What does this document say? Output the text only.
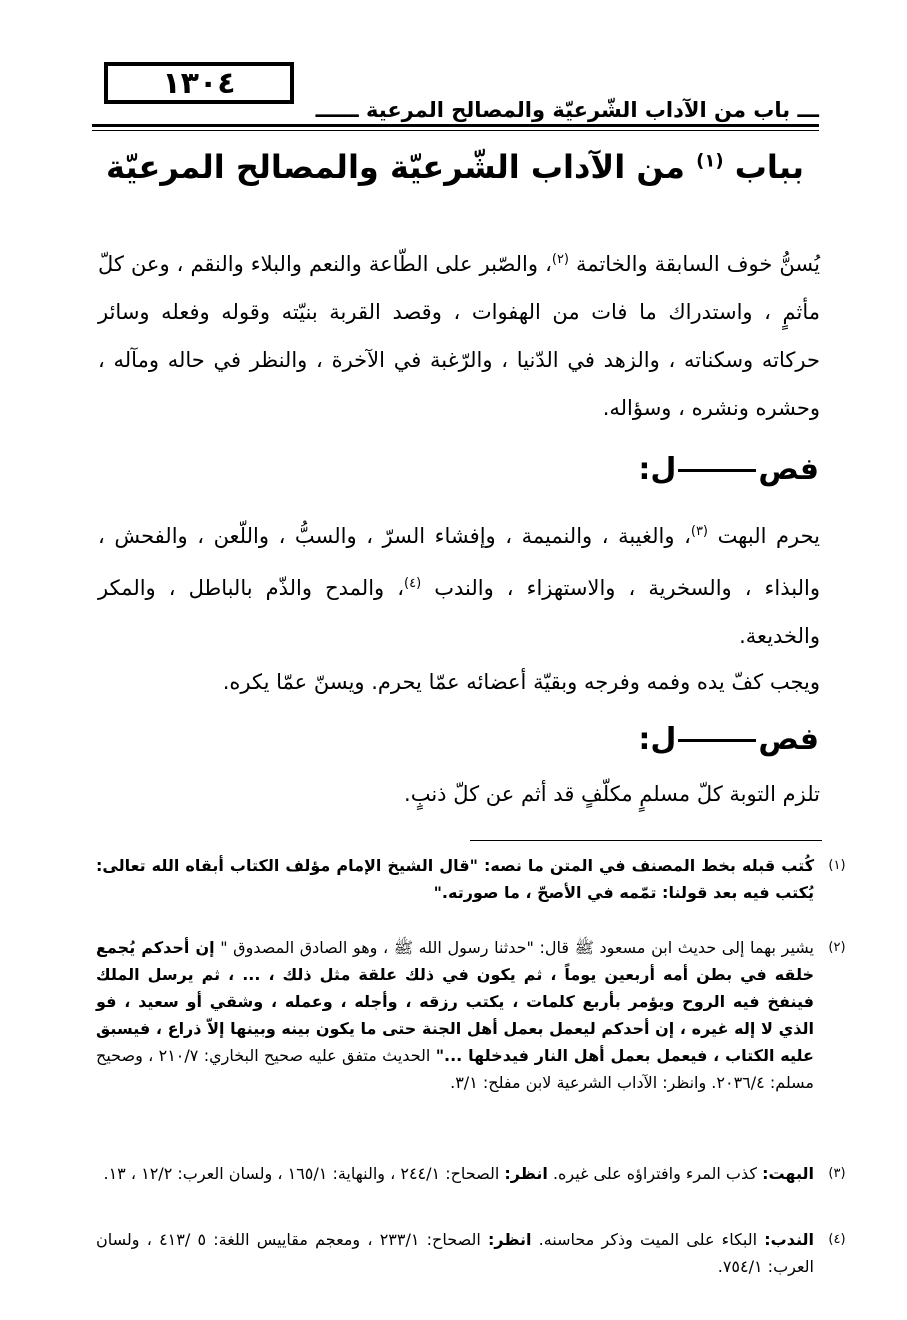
١٣٠٤
ـــ باب من الآداب الشّرعيّة والمصالح المرعية ــــــ
بباب $^{(١)}$ من الآداب الشّرعيّة والمصالح المرعيّة
يُسنُّ خوف السابقة والخاتمة $^{(٢)}$، والصّبر على الطّاعة والنعم والبلاء والنقم ، وعن كلّ مأثمٍ ، واستدراك ما فات من الهفوات ، وقصد القربة بنيّته وقوله وفعله وسائر حركاته وسكناته ، والزهد في الدّنيا ، والرّغبة في الآخرة ، والنظر في حاله ومآله ، وحشره ونشره ، وسؤاله.
فصل:
يحرم البهت $^{(٣)}$، والغيبة ، والنميمة ، وإفشاء السرّ ، والسبُّ ، واللّعن ، والفحش ، والبذاء ، والسخرية ، والاستهزاء ، والندب $^{(٤)}$، والمدح والذّم بالباطل ، والمكر والخديعة.
ويجب كفّ يده وفمه وفرجه وبقيّة أعضائه عمّا يحرم. ويسنّ عمّا يكره.
فصل:
تلزم التوبة كلّ مسلمٍ مكلّفٍ قد أثم عن كلّ ذنبٍ.
(١)
كُتب قبله بخط المصنف في المتن ما نصه: "قال الشيخ الإمام مؤلف الكتاب أبقاه الله تعالى: يُكتب فيه بعد قولنا: تمّمه في الأصحّ ، ما صورته."
(٢)
يشير بهما إلى حديث ابن مسعود ﷺ قال: "حدثنا رسول الله ﷺ ، وهو الصادق المصدوق " إن أحدكم يُجمع خلقه في بطن أمه أربعين يوماً ، ثم يكون في ذلك علقة مثل ذلك ، ... ، ثم يرسل الملك فينفخ فيه الروح ويؤمر بأربع كلمات ، يكتب رزقه ، وأجله ، وعمله ، وشقي أو سعيد ، فو الذي لا إله غيره ، إن أحدكم ليعمل بعمل أهل الجنة حتى ما يكون بينه وبينها إلاّ ذراع ، فيسبق عليه الكتاب ، فيعمل بعمل أهل النار فيدخلها ..." الحديث متفق عليه صحيح البخاري: ٢١٠/٧ ، وصحيح مسلم: ٢٠٣٦/٤. وانظر: الآداب الشرعية لابن مفلح: ٣/١.
(٣)
البهت: كذب المرء وافتراؤه على غيره. انظر: الصحاح: ٢٤٤/١ ، والنهاية: ١٦٥/١ ، ولسان العرب: ١٢/٢ ، ١٣.
(٤)
الندب: البكاء على الميت وذكر محاسنه. انظر: الصحاح: ٢٣٣/١ ، ومعجم مقاييس اللغة: ٥ /٤١٣ ، ولسان العرب: ٧٥٤/١.
